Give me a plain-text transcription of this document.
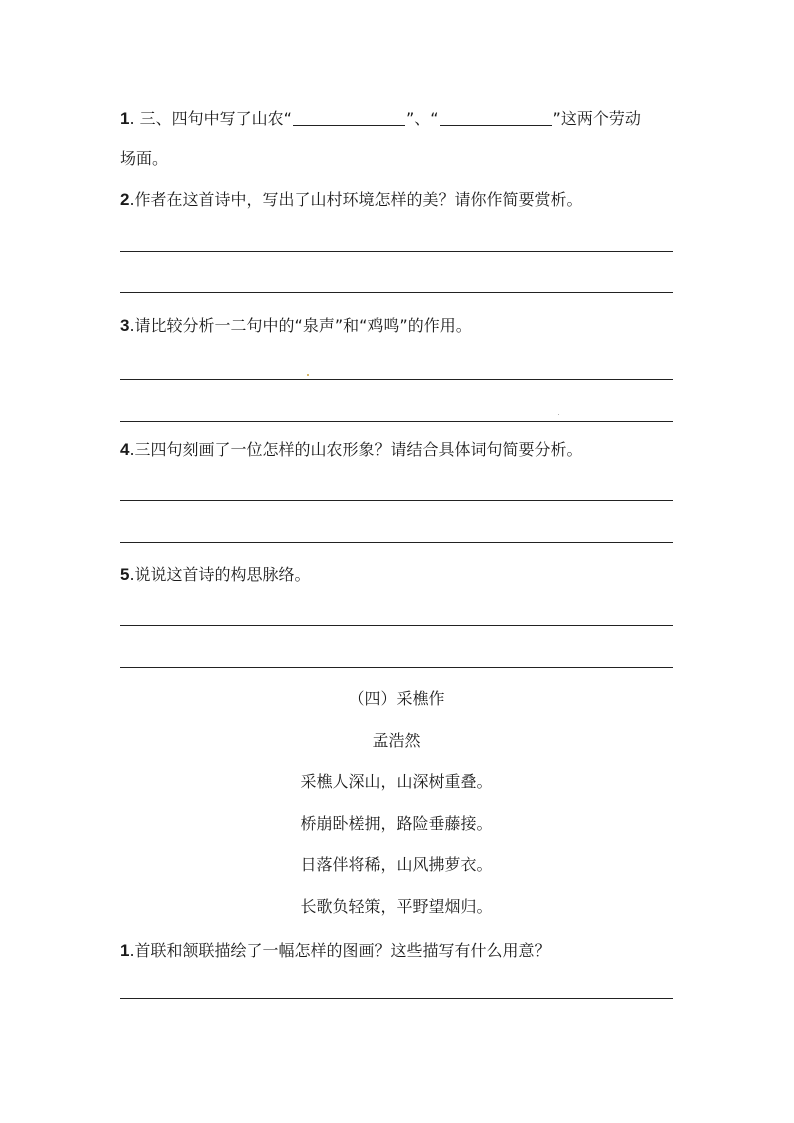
1. 三、四句中写了山农“	”、“	”这两个劳动
场面。
2.作者在这首诗中，写出了山村环境怎样的美？请你作简要赏析。
3.请比较分析一二句中的“泉声”和“鸡鸣”的作用。
4.三四句刻画了一位怎样的山农形象？请结合具体词句简要分析。
5.说说这首诗的构思脉络。
（四）采樵作
孟浩然
采樵人深山，山深树重叠。
桥崩卧槎拥，路险垂藤接。
日落伴将稀，山风拂萝衣。
长歌负轻策，平野望烟归。
1.首联和颔联描绘了一幅怎样的图画？这些描写有什么用意？
